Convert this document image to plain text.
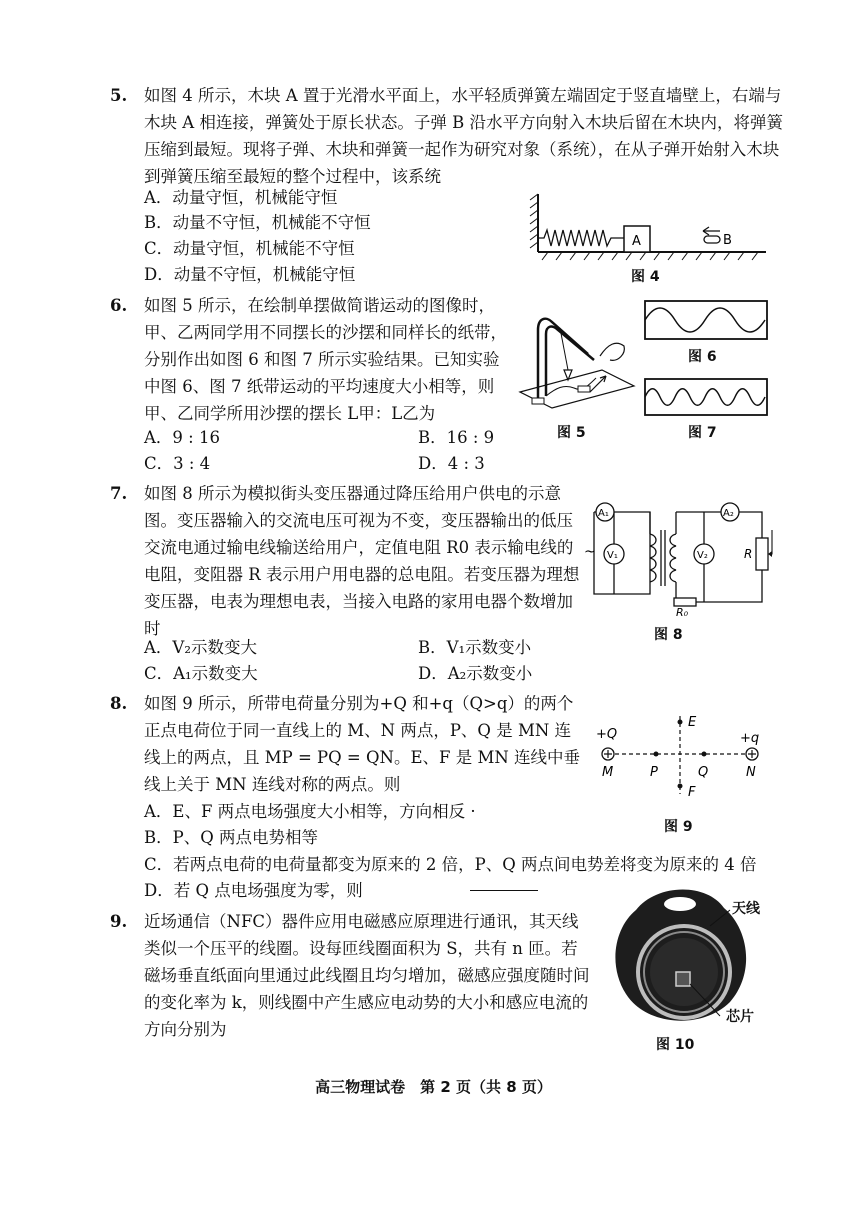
5. 如图 4 所示，木块 A 置于光滑水平面上，水平轻质弹簧左端固定于竖直墙壁上，右端与木块 A 相连接，弹簧处于原长状态。子弹 B 沿水平方向射入木块后留在木块内，将弹簧压缩到最短。现将子弹、木块和弹簧一起作为研究对象（系统），在从子弹开始射入木块到弹簧压缩至最短的整个过程中，该系统
A．动量守恒，机械能守恒
B．动量不守恒，机械能不守恒
C．动量守恒，机械能不守恒
D．动量不守恒，机械能守恒
A	B
图 4
6. 如图 5 所示，在绘制单摆做简谐运动的图像时，甲、乙两同学用不同摆长的沙摆和同样长的纸带，分别作出如图 6 和图 7 所示实验结果。已知实验中图 6、图 7 纸带运动的平均速度大小相等，则甲、乙同学所用沙摆的摆长 L甲：L乙为
A．9 : 16	B．16 : 9
C．3 : 4	D．4 : 3
图 5
图 6
图 7
7. 如图 8 所示为模拟街头变压器通过降压给用户供电的示意图。变压器输入的交流电压可视为不变，变压器输出的低压交流电通过输电线输送给用户，定值电阻 R0 表示输电线的电阻，变阻器 R 表示用户用电器的总电阻。若变压器为理想变压器，电表为理想电表，当接入电路的家用电器个数增加时
A．V₂示数变大	B．V₁示数变小
C．A₁示数变大	D．A₂示数变小
A₁
V₁
~
A₂
V₂	R
R₀
图 8
8. 如图 9 所示，所带电荷量分别为+Q 和+q（Q>q）的两个正点电荷位于同一直线上的 M、N 两点，P、Q 是 MN 连线上的两点，且 MP = PQ = QN。E、F 是 MN 连线中垂线上关于 MN 连线对称的两点。则
A．E、F 两点电场强度大小相等，方向相反 ·
B．P、Q 两点电势相等
C．若两点电荷的电荷量都变为原来的 2 倍，P、Q 两点间电势差将变为原来的 4 倍
D．若 Q 点电场强度为零，则
+Q	+q
M	N
P	Q
E
F
图 9
9. 近场通信（NFC）器件应用电磁感应原理进行通讯，其天线类似一个压平的线圈。设每匝线圈面积为 S，共有 n 匝。若磁场垂直纸面向里通过此线圈且均匀增加，磁感应强度随时间的变化率为 k，则线圈中产生感应电动势的大小和感应电流的方向分别为
天线
芯片
图 10
高三物理试卷　第 2 页（共 8 页）
